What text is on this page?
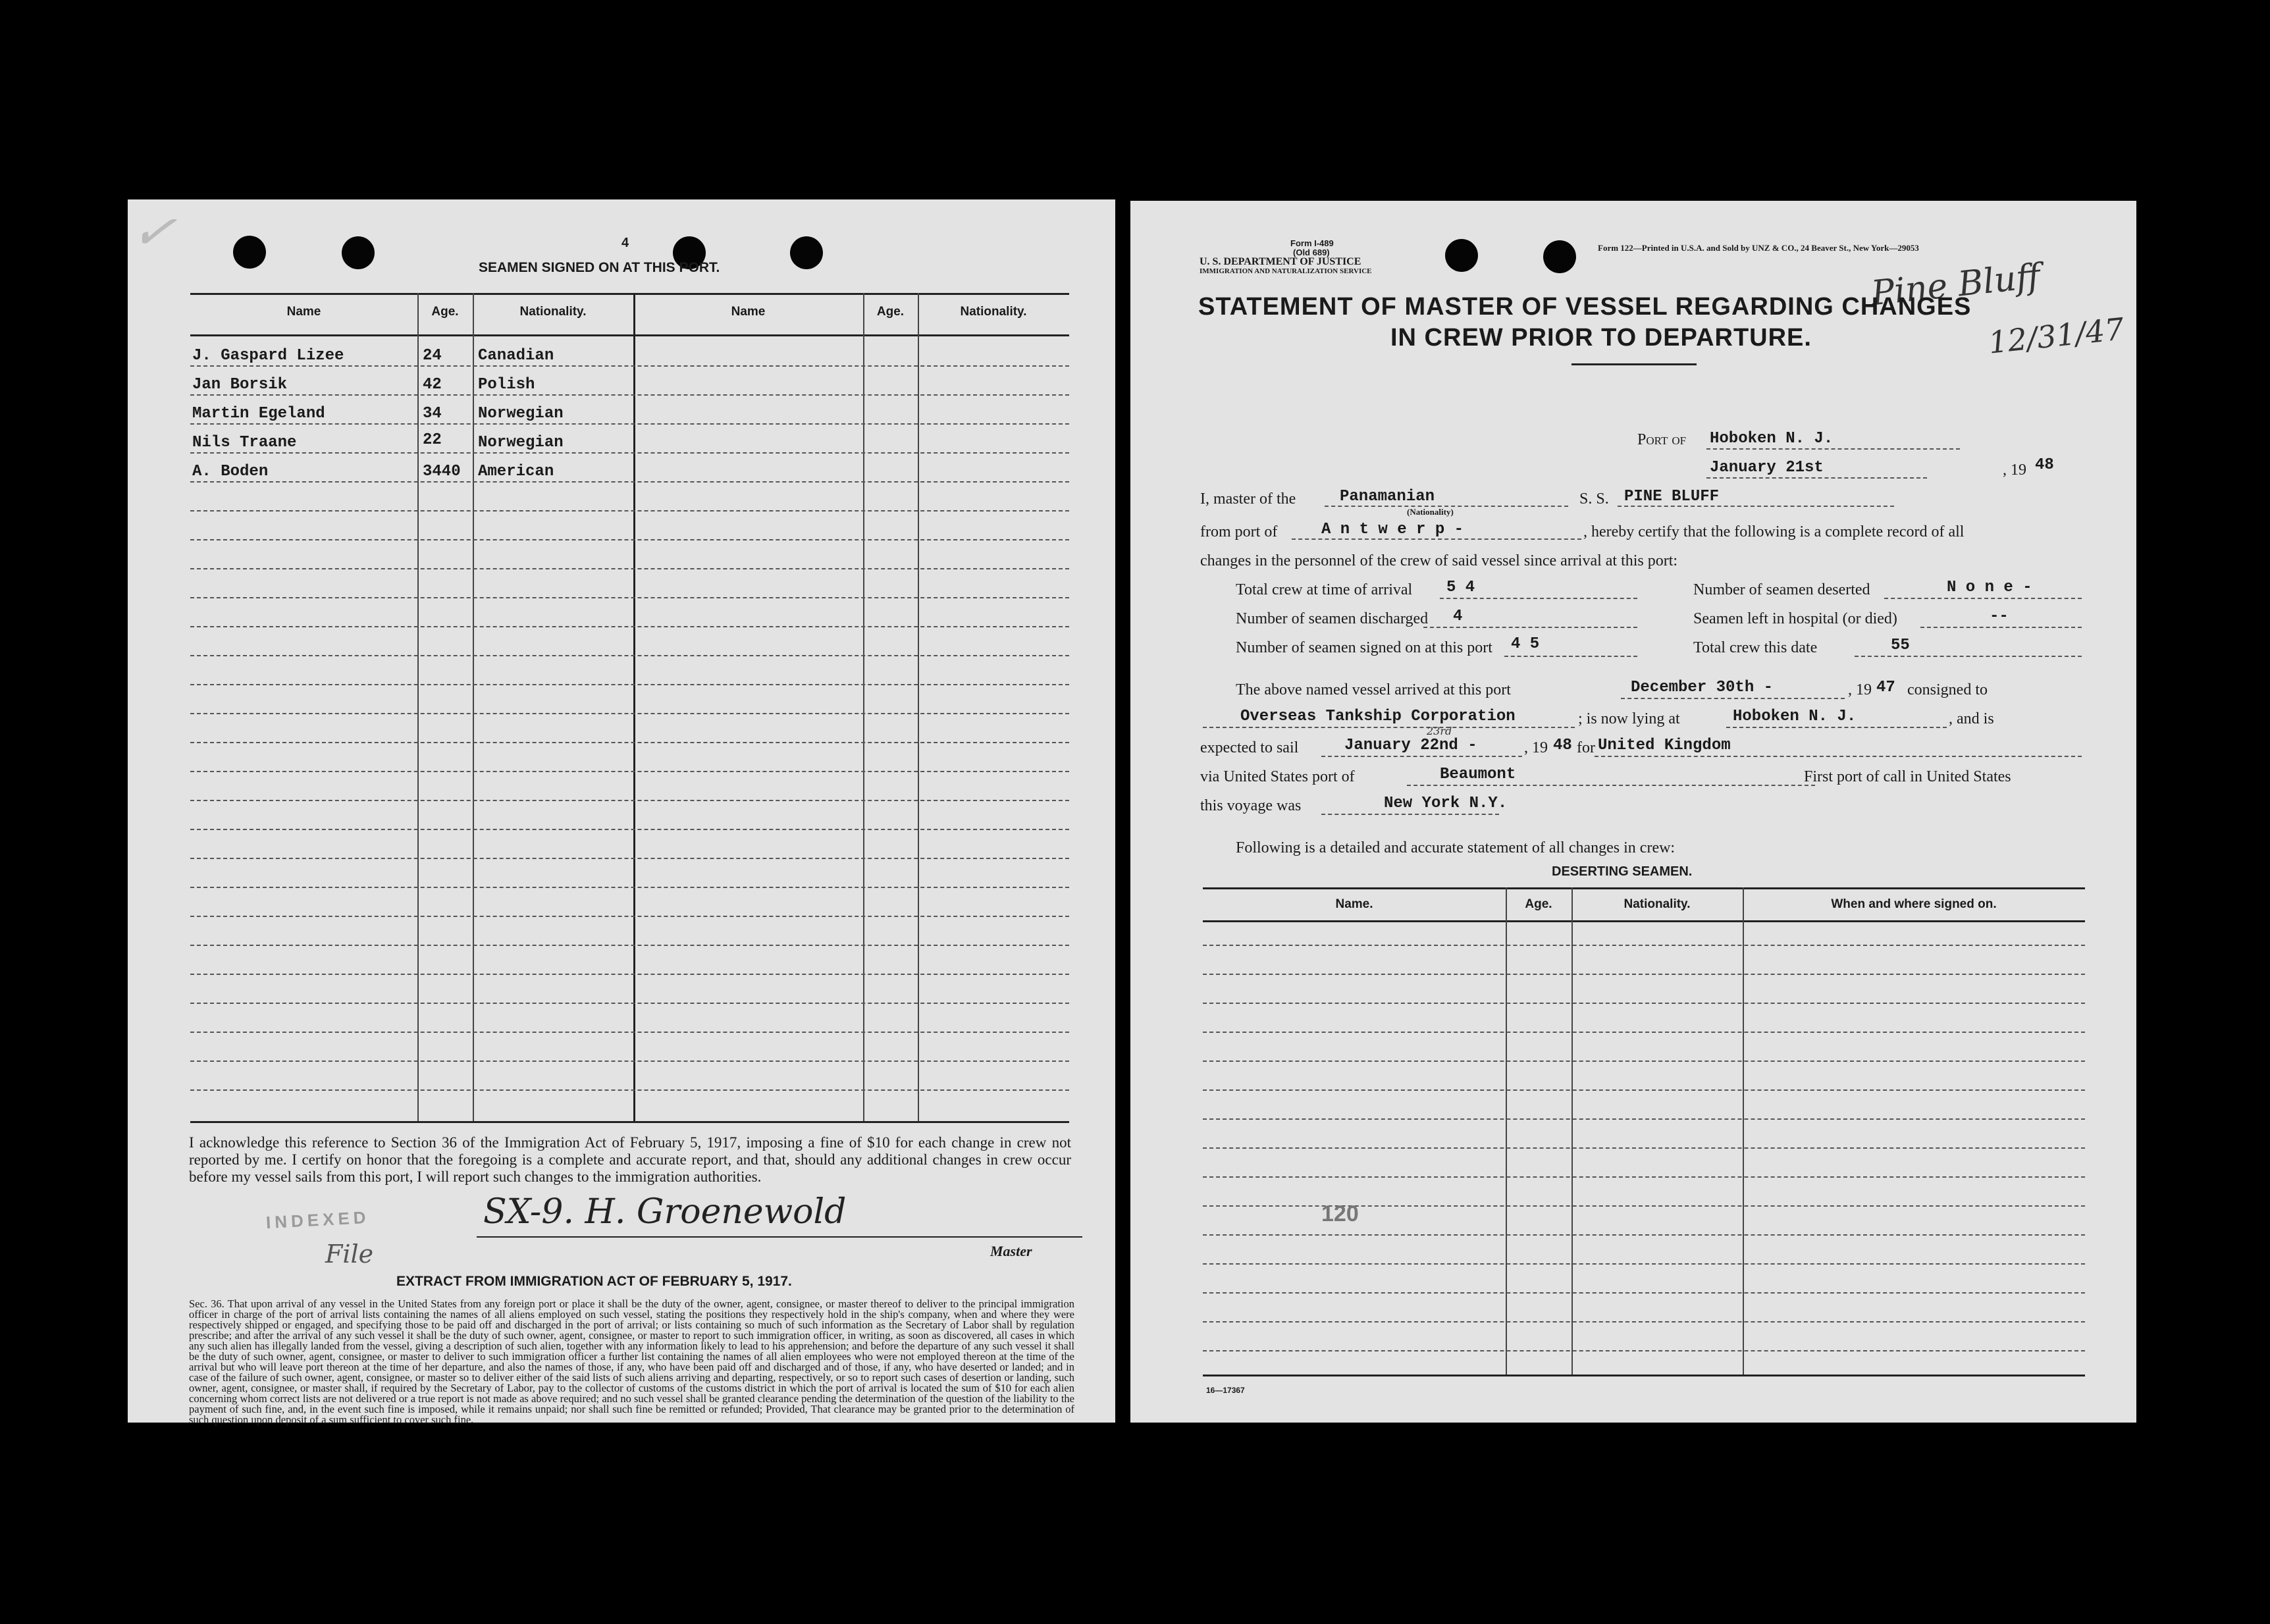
4
SEAMEN SIGNED ON AT THIS PORT.
Name	Age.	Nationality.	Name	Age.	Nationality.
J. Gaspard Lizee	24 Canadian
Jan Borsik	42 Polish
Martin Egeland	34 Norwegian
Nils Traane	22 Norwegian
A. Boden	3440 American
I acknowledge this reference to Section 36 of the Immigration Act of February 5, 1917, imposing a fine of $10 for each change in crew not reported by me. I certify on honor that the foregoing is a complete and accurate report, and that, should any additional changes in crew occur before my vessel sails from this port, I will report such changes to the immigration authorities.
SX-9. H. Groenewold
Master
INDEXED
File
EXTRACT FROM IMMIGRATION ACT OF FEBRUARY 5, 1917.
Sec. 36. That upon arrival of any vessel in the United States from any foreign port or place it shall be the duty of the owner, agent, consignee, or master thereof to deliver to the principal immigration officer in charge of the port of arrival lists containing the names of all aliens employed on such vessel, stating the positions they respectively hold in the ship's company, when and where they were respectively shipped or engaged, and specifying those to be paid off and discharged in the port of arrival; or lists containing so much of such information as the Secretary of Labor shall by regulation prescribe; and after the arrival of any such vessel it shall be the duty of such owner, agent, consignee, or master to report to such immigration officer, in writing, as soon as discovered, all cases in which any such alien has illegally landed from the vessel, giving a description of such alien, together with any information likely to lead to his apprehension; and before the departure of any such vessel it shall be the duty of such owner, agent, consignee, or master to deliver to such immigration officer a further list containing the names of all alien employees who were not employed thereon at the time of the arrival but who will leave port thereon at the time of her departure, and also the names of those, if any, who have been paid off and discharged and of those, if any, who have deserted or landed; and in case of the failure of such owner, agent, consignee, or master so to deliver either of the said lists of such aliens arriving and departing, respectively, or so to report such cases of desertion or landing, such owner, agent, consignee, or master shall, if required by the Secretary of Labor, pay to the collector of customs of the customs district in which the port of arrival is located the sum of $10 for each alien concerning whom correct lists are not delivered or a true report is not made as above required; and no such vessel shall be granted clearance pending the determination of the question of the liability to the payment of such fine, and, in the event such fine is imposed, while it remains unpaid; nor shall such fine be remitted or refunded; Provided, That clearance may be granted prior to the determination of such question upon deposit of a sum sufficient to cover such fine.
Form I-489
(Old 689)
U. S. DEPARTMENT OF JUSTICE
IMMIGRATION AND NATURALIZATION SERVICE
Form 122—Printed in U.S.A. and Sold by UNZ & CO., 24 Beaver St., New York—29053
Pine Bluff
12/31/47
STATEMENT OF MASTER OF VESSEL REGARDING CHANGES
IN CREW PRIOR TO DEPARTURE.
Port of Hoboken N. J.
January 21st	, 19 48
I, master of the	Panamanian
(Nationality)
S. S. PINE BLUFF
from port of	A n t w e r p -	, hereby certify that the following is a complete record of all
changes in the personnel of the crew of said vessel since arrival at this port:
Total crew at time of arrival 5 4
Number of seamen discharged 4
Number of seamen signed on at this port 4 5
Number of seamen deserted	N o n e -
Seamen left in hospital (or died)	--
Total crew this date	55
The above named vessel arrived at this port	December 30th -	, 19 47 consigned to
Overseas Tankship Corporation	; is now lying at	Hoboken N. J.	, and is
expected to sail	January 22nd -
23rd
, 19 48 for United Kingdom
via United States port of	Beaumont	First port of call in United States
this voyage was	New York N.Y.
Following is a detailed and accurate statement of all changes in crew:
DESERTING SEAMEN.
Name.	Age.	Nationality.	When and where signed on.
120
16—17367
✓
